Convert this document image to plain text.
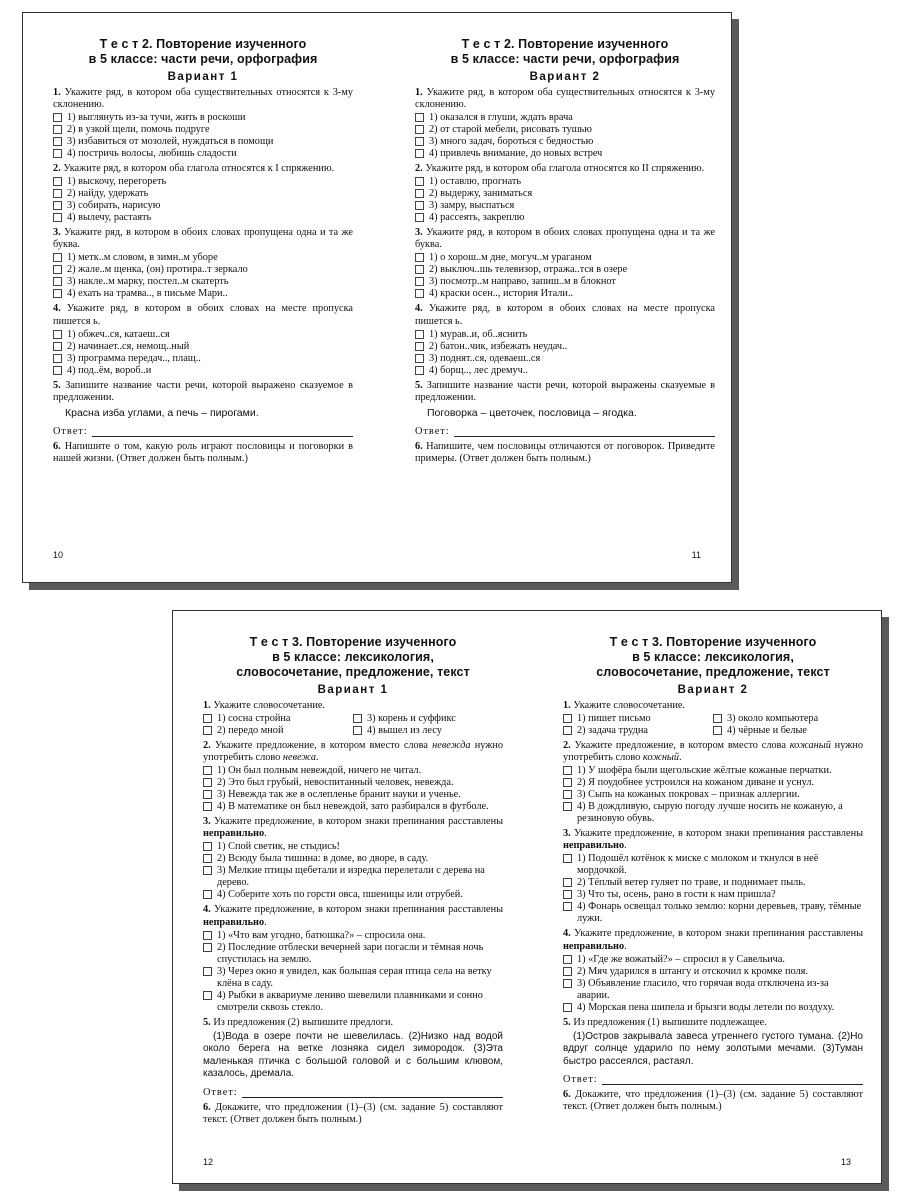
Т е с т 2. Повторение изученного
в 5 классе: части речи, орфография
Вариант 1

1. Укажите ряд, в котором оба существительных относятся к 3-му склонению.

1) выглянуть из-за тучи, жить в роскоши
2) в узкой щели, помочь подруге
3) избавиться от мозолей, нуждаться в помощи
4) постричь волосы, любишь сладости

2. Укажите ряд, в котором оба глагола относятся к I спряжению.

1) выскочу, перегореть
2) найду, удержать
3) собирать, нарисую
4) вылечу, растаять

3. Укажите ряд, в котором в обоих словах пропущена одна и та же буква.

1) метк..м словом, в зимн..м уборе
2) жале..м щенка, (он) протира..т зеркало
3) накле..м марку, постел..м скатерть
4) ехать на трамва.., в письме Мари..

4. Укажите ряд, в котором в обоих словах на месте пропуска пишется ь.

1) обжеч..ся, катаеш..ся
2) начинает..ся, немощ..ный
3) программа передач.., плащ..
4) под..ём, вороб..и

5. Запишите название части речи, которой выражено сказуемое в предложении.

Красна изба углами, а печь – пирогами.
Ответ:

6. Напишите о том, какую роль играют пословицы и поговорки в нашей жизни. (Ответ должен быть полным.)

10
Т е с т 2. Повторение изученного
в 5 классе: части речи, орфография
Вариант 2

1. Укажите ряд, в котором оба существительных относятся к 3-му склонению.

1) оказался в глуши, ждать врача
2) от старой мебели, рисовать тушью
3) много задач, бороться с бедностью
4) привлечь внимание, до новых встреч

2. Укажите ряд, в котором оба глагола относятся ко II спряжению.

1) оставлю, прогнать
2) выдержу, заниматься
3) замру, выспаться
4) рассеять, закреплю

3. Укажите ряд, в котором в обоих словах пропущена одна и та же буква.

1) о хорош..м дне, могуч..м ураганом
2) выключ..шь телевизор, отража..тся в озере
3) посмотр..м направо, запиш..м в блокнот
4) краски осен.., история Итали..

4. Укажите ряд, в котором в обоих словах на месте пропуска пишется ь.

1) мурав..и, об..яснить
2) батон..чик, избежать неудач..
3) поднят..ся, одеваеш..ся
4) борщ.., лес дремуч..

5. Запишите название части речи, которой выражены сказуемые в предложении.

Поговорка – цветочек, пословица – ягодка.
Ответ:

6. Напишите, чем пословицы отличаются от поговорок. Приведите примеры. (Ответ должен быть полным.)

11
Т е с т 3. Повторение изученного
в 5 классе: лексикология,
словосочетание, предложение, текст
Вариант 1

1. Укажите словосочетание.

1) сосна стройна
2) передо мной
3) корень и суффикс
4) вышел из лесу

2. Укажите предложение, в котором вместо слова невежда нужно употребить слово невежа.

1) Он был полным невеждой, ничего не читал.
2) Это был грубый, невоспитанный человек, невежда.
3) Невежда так же в ослепленье бранит науки и ученье.
4) В математике он был невеждой, зато разбирался в футболе.

3. Укажите предложение, в котором знаки препинания расставлены неправильно.

1) Спой светик, не стыдись!
2) Всюду была тишина: в доме, во дворе, в саду.
3) Мелкие птицы щебетали и изредка перелетали с дерева на дерево.
4) Соберите хоть по горсти овса, пшеницы или отрубей.

4. Укажите предложение, в котором знаки препинания расставлены неправильно.

1) «Что вам угодно, батюшка?» – спросила она.
2) Последние отблески вечерней зари погасли и тёмная ночь спустилась на землю.
3) Через окно я увидел, как большая серая птица села на ветку клёна в саду.
4) Рыбки в аквариуме лениво шевелили плавниками и сонно смотрели сквозь стекло.

5. Из предложения (2) выпишите предлоги.

(1)Вода в озере почти не шевелилась. (2)Низко над водой около берега на ветке лозняка сидел зимородок. (3)Эта маленькая птичка с большой головой и с большим клювом, казалось, дремала.

Ответ:

6. Докажите, что предложения (1)–(3) (см. задание 5) составляют текст. (Ответ должен быть полным.)

12
Т е с т 3. Повторение изученного
в 5 классе: лексикология,
словосочетание, предложение, текст
Вариант 2

1. Укажите словосочетание.

1) пишет письмо
2) задача трудна
3) около компьютера
4) чёрные и белые

2. Укажите предложение, в котором вместо слова кожаный нужно употребить слово кожный.

1) У шофёра были щегольские жёлтые кожаные перчатки.
2) Я поудобнее устроился на кожаном диване и уснул.
3) Сыпь на кожаных покровах – признак аллергии.
4) В дождливую, сырую погоду лучше носить не кожаную, а резиновую обувь.

3. Укажите предложение, в котором знаки препинания расставлены неправильно.

1) Подошёл котёнок к миске с молоком и ткнулся в неё мордочкой.
2) Тёплый ветер гуляет по траве, и поднимает пыль.
3) Что ты, осень, рано в гости к нам пришла?
4) Фонарь освещал только землю: корни деревьев, траву, тёмные лужи.

4. Укажите предложение, в котором знаки препинания расставлены неправильно.

1) «Где же вожатый?» – спросил я у Савельича.
2) Мяч ударился в штангу и отскочил к кромке поля.
3) Объявление гласило, что горячая вода отключена из-за аварии.
4) Морская пена шипела и брызги воды летели по воздуху.

5. Из предложения (1) выпишите подлежащее.

(1)Остров закрывала завеса утреннего густого тумана. (2)Но вдруг солнце ударило по нему золотыми мечами. (3)Туман быстро рассеялся, растаял.

Ответ:

6. Докажите, что предложения (1)–(3) (см. задание 5) составляют текст. (Ответ должен быть полным.)

13
